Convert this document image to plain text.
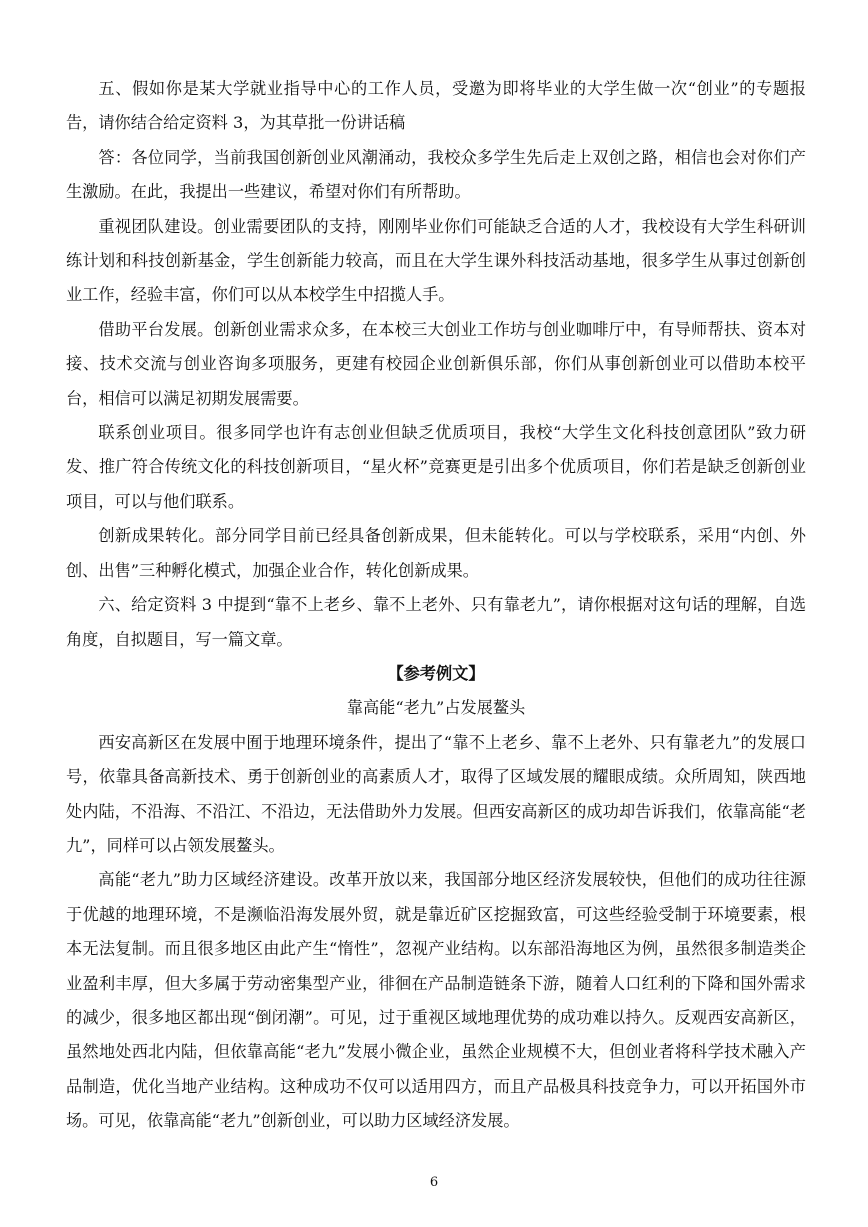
五、假如你是某大学就业指导中心的工作人员，受邀为即将毕业的大学生做一次“创业”的专题报告，请你结合给定资料 3，为其草批一份讲话稿

答：各位同学，当前我国创新创业风潮涌动，我校众多学生先后走上双创之路，相信也会对你们产生激励。在此，我提出一些建议，希望对你们有所帮助。

重视团队建设。创业需要团队的支持，刚刚毕业你们可能缺乏合适的人才，我校设有大学生科研训练计划和科技创新基金，学生创新能力较高，而且在大学生课外科技活动基地，很多学生从事过创新创业工作，经验丰富，你们可以从本校学生中招揽人手。

借助平台发展。创新创业需求众多，在本校三大创业工作坊与创业咖啡厅中，有导师帮扶、资本对接、技术交流与创业咨询多项服务，更建有校园企业创新俱乐部，你们从事创新创业可以借助本校平台，相信可以满足初期发展需要。

联系创业项目。很多同学也许有志创业但缺乏优质项目，我校“大学生文化科技创意团队”致力研发、推广符合传统文化的科技创新项目，“星火杯”竞赛更是引出多个优质项目，你们若是缺乏创新创业项目，可以与他们联系。

创新成果转化。部分同学目前已经具备创新成果，但未能转化。可以与学校联系，采用“内创、外创、出售”三种孵化模式，加强企业合作，转化创新成果。

六、给定资料 3 中提到“靠不上老乡、靠不上老外、只有靠老九”，请你根据对这句话的理解，自选角度，自拟题目，写一篇文章。

【参考例文】

靠高能“老九”占发展鳌头

西安高新区在发展中囿于地理环境条件，提出了“靠不上老乡、靠不上老外、只有靠老九”的发展口号，依靠具备高新技术、勇于创新创业的高素质人才，取得了区域发展的耀眼成绩。众所周知，陕西地处内陆，不沿海、不沿江、不沿边，无法借助外力发展。但西安高新区的成功却告诉我们，依靠高能“老九”，同样可以占领发展鳌头。

高能“老九”助力区域经济建设。改革开放以来，我国部分地区经济发展较快，但他们的成功往往源于优越的地理环境，不是濒临沿海发展外贸，就是靠近矿区挖掘致富，可这些经验受制于环境要素，根本无法复制。而且很多地区由此产生“惰性”，忽视产业结构。以东部沿海地区为例，虽然很多制造类企业盈利丰厚，但大多属于劳动密集型产业，徘徊在产品制造链条下游，随着人口红利的下降和国外需求的减少，很多地区都出现“倒闭潮”。可见，过于重视区域地理优势的成功难以持久。反观西安高新区，虽然地处西北内陆，但依靠高能“老九”发展小微企业，虽然企业规模不大，但创业者将科学技术融入产品制造，优化当地产业结构。这种成功不仅可以适用四方，而且产品极具科技竞争力，可以开拓国外市场。可见，依靠高能“老九”创新创业，可以助力区域经济发展。

6
